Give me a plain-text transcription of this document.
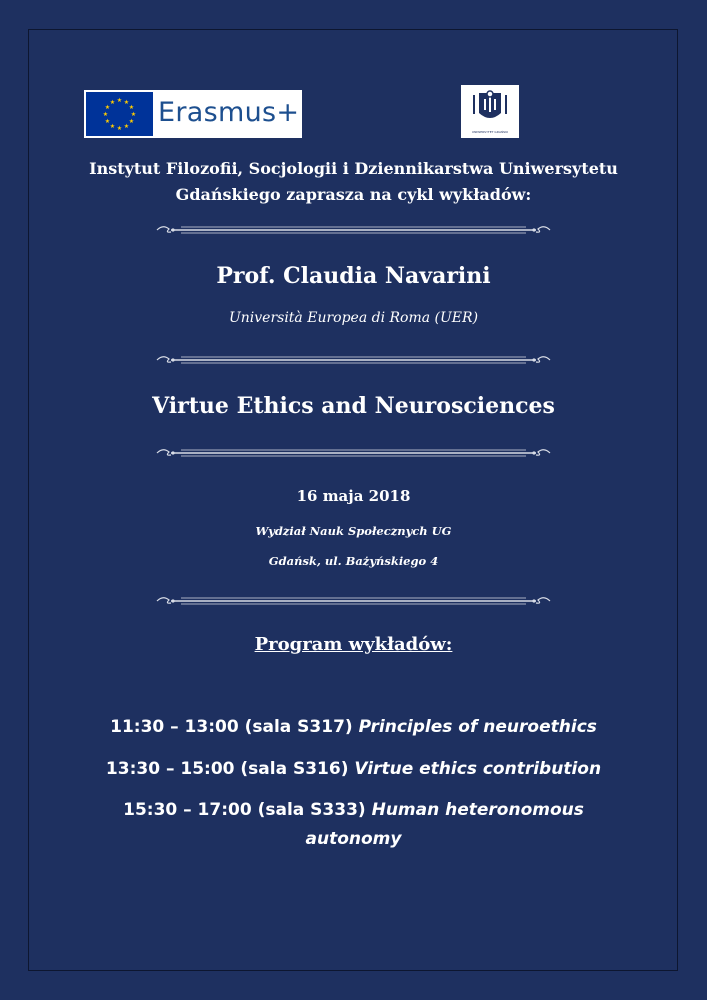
★ ★
★
★
★
★
★
★
★
★
★
★ Erasmus+
UNIWERSYTET GDAŃSKI
Instytut Filozofii, Socjologii i Dziennikarstwa Uniwersytetu
Gdańskiego zaprasza na cykl wykładów:
Prof. Claudia Navarini
Università Europea di Roma (UER)
Virtue Ethics and Neurosciences
16 maja 2018
Wydział Nauk Społecznych UG
Gdańsk, ul. Bażyńskiego 4
Program wykładów:
11:30 – 13:00 (sala S317) Principles of neuroethics
13:30 – 15:00 (sala S316) Virtue ethics contribution
15:30 – 17:00 (sala S333) Human heteronomous autonomy
